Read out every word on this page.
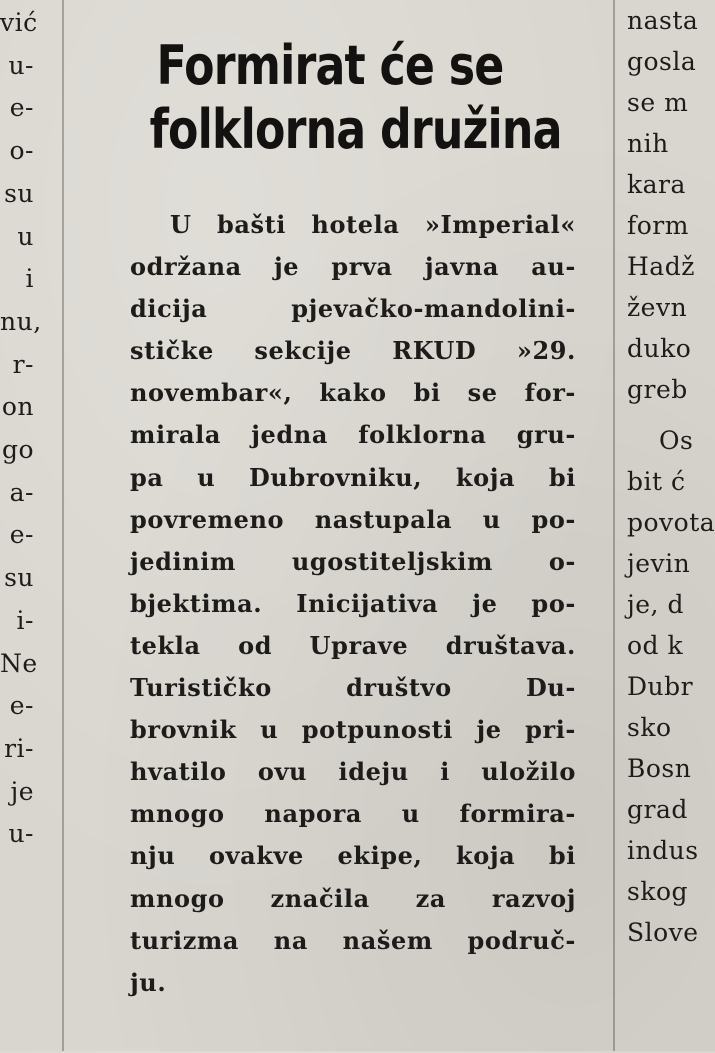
vić
u-
e-
o-
su
u
i
nu,
r-
on
go
a-
e-
su
i-
Ne
e-
ri-
je
u-
Formirat će se
folklorna družina
U bašti hotela »Imperial«
održana je prva javna au-
dicija pjevačko-mandolini-
stičke sekcije RKUD »29.
novembar«, kako bi se for-
mirala jedna folklorna gru-
pa u Dubrovniku, koja bi
povremeno nastupala u po-
jedinim ugostiteljskim o-
bjektima. Inicijativa je po-
tekla od Uprave društava.
Turističko društvo Du-
brovnik u potpunosti je pri-
hvatilo ovu ideju i uložilo
mnogo napora u formira-
nju ovakve ekipe, koja bi
mnogo značila za razvoj
turizma na našem područ-
ju.
nasta
gosla
se m
nih
kara
form
Hadž
ževn
duko
greb
Os
bit ć
povota
jevin
je, d
od k
Dubr
sko
Bosn
grad
indus
skog
Slove
